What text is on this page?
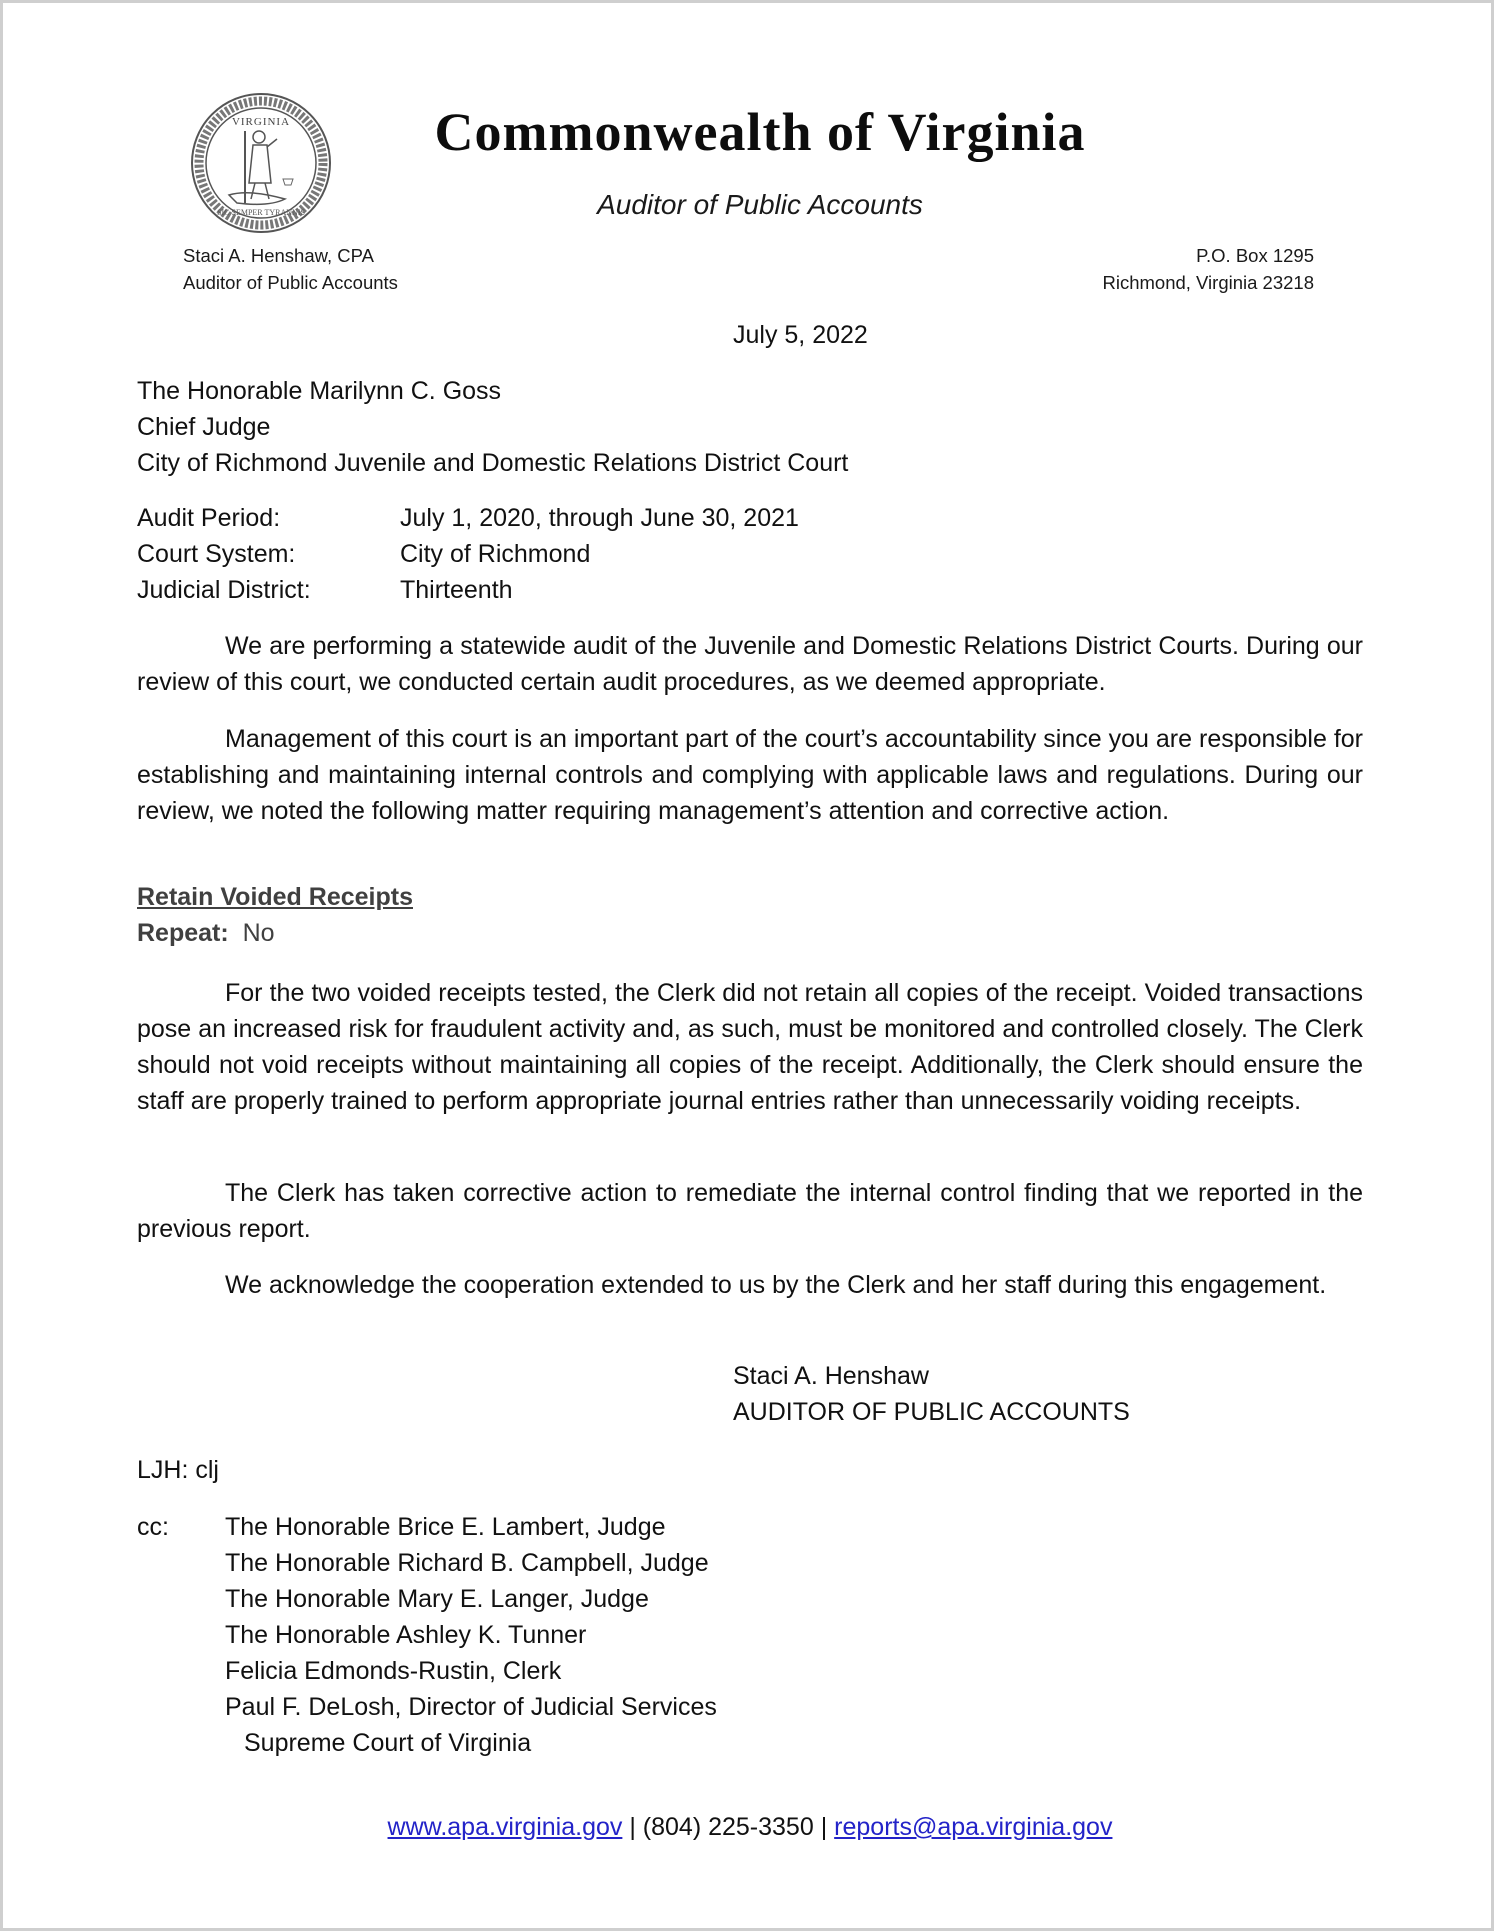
VIRGINIA
SIC SEMPER TYRANNIS
Commonwealth of Virginia
Auditor of Public Accounts
Staci A. Henshaw, CPA
Auditor of Public Accounts
P.O. Box 1295
Richmond, Virginia 23218
July 5, 2022
The Honorable Marilynn C. Goss
Chief Judge
City of Richmond Juvenile and Domestic Relations District Court
Audit Period:	July 1, 2020, through June 30, 2021
Court System:	City of Richmond
Judicial District:	Thirteenth
We are performing a statewide audit of the Juvenile and Domestic Relations District Courts. During our review of this court, we conducted certain audit procedures, as we deemed appropriate.
Management of this court is an important part of the court’s accountability since you are responsible for establishing and maintaining internal controls and complying with applicable laws and regulations. During our review, we noted the following matter requiring management’s attention and corrective action.
Retain Voided Receipts
Repeat: No
For the two voided receipts tested, the Clerk did not retain all copies of the receipt. Voided transactions pose an increased risk for fraudulent activity and, as such, must be monitored and controlled closely. The Clerk should not void receipts without maintaining all copies of the receipt. Additionally, the Clerk should ensure the staff are properly trained to perform appropriate journal entries rather than unnecessarily voiding receipts.
The Clerk has taken corrective action to remediate the internal control finding that we reported in the previous report.
We acknowledge the cooperation extended to us by the Clerk and her staff during this engagement.
Staci A. Henshaw
AUDITOR OF PUBLIC ACCOUNTS
LJH: clj
cc: The Honorable Brice E. Lambert, Judge
The Honorable Richard B. Campbell, Judge
The Honorable Mary E. Langer, Judge
The Honorable Ashley K. Tunner
Felicia Edmonds-Rustin, Clerk
Paul F. DeLosh, Director of Judicial Services
Supreme Court of Virginia
www.apa.virginia.gov | (804) 225-3350 | reports@apa.virginia.gov
